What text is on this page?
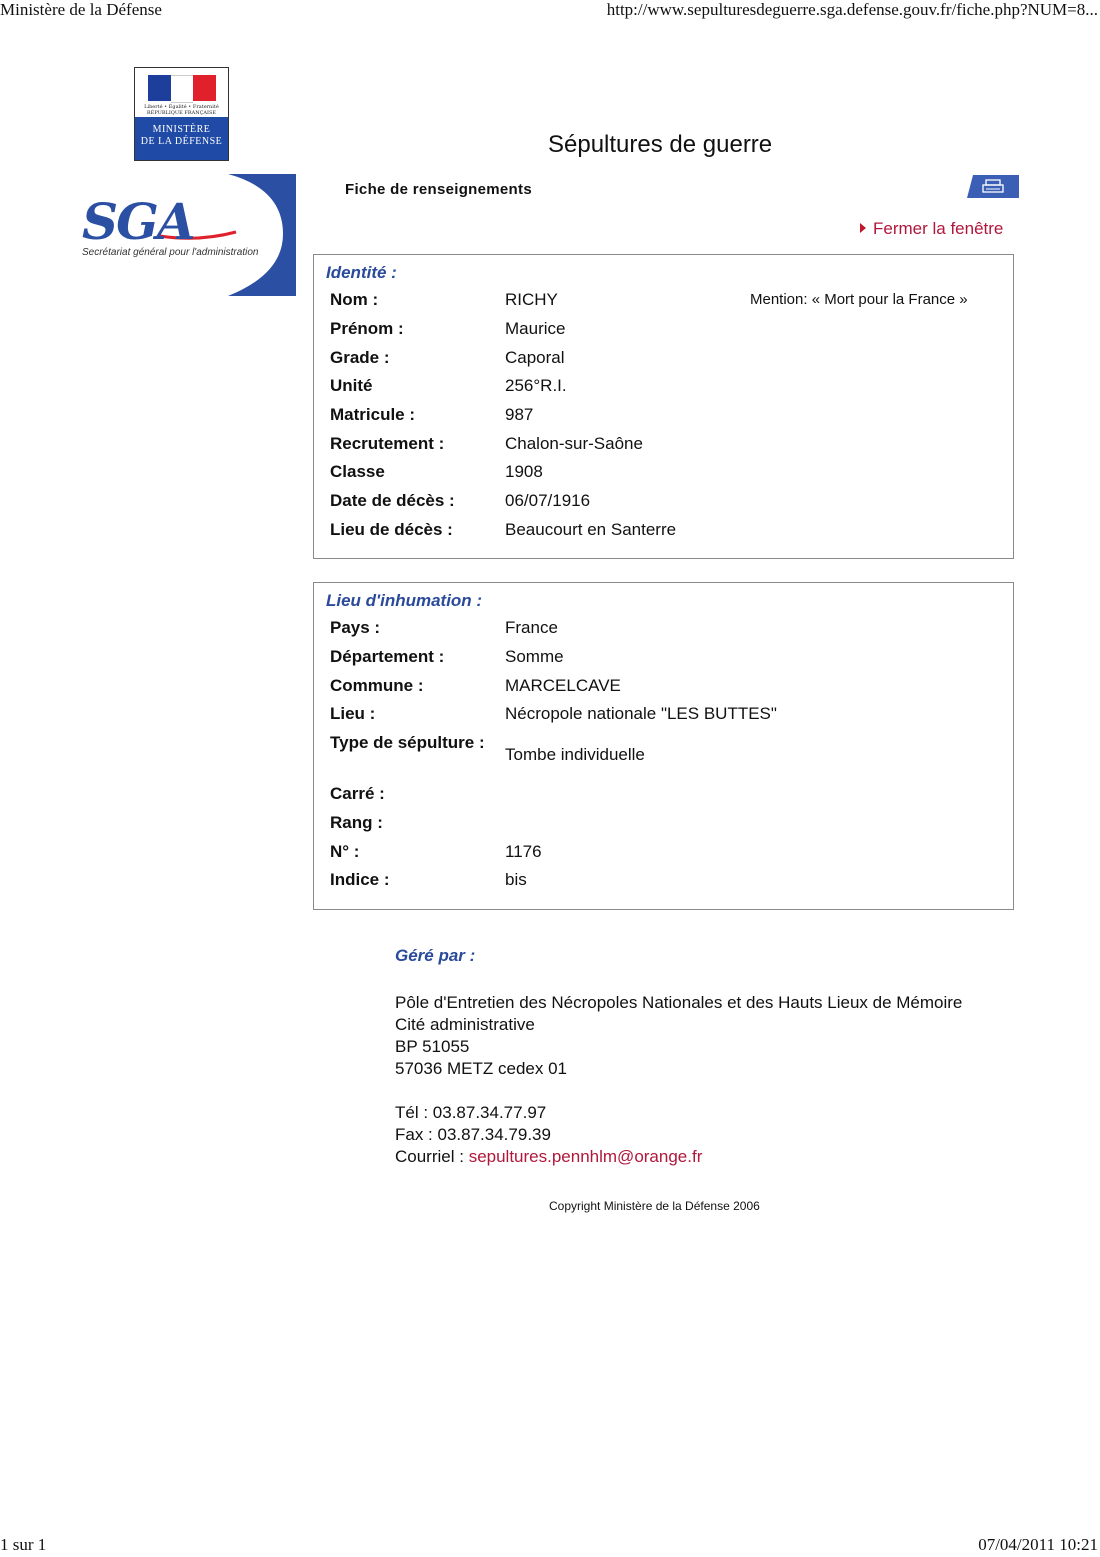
Ministère de la Défense	http://www.sepulturesdeguerre.sga.defense.gouv.fr/fiche.php?NUM=8...
Liberté • Égalité • Fraternité
RÉPUBLIQUE FRANÇAISE
MINISTÈRE
DE LA DÉFENSE
SGA
Secrétariat général pour l'administration
Sépultures de guerre
Fiche de renseignements
Fermer la fenêtre
Identité :
Nom :	RICHY	Mention: « Mort pour la France »
Prénom :	Maurice
Grade :	Caporal
Unité	256°R.I.
Matricule :	987
Recrutement :	Chalon-sur-Saône
Classe	1908
Date de décès :	06/07/1916
Lieu de décès :	Beaucourt en Santerre
Lieu d'inhumation :
Pays :	France
Département :	Somme
Commune :	MARCELCAVE
Lieu :	Nécropole nationale "LES BUTTES"
Type de sépulture :
Tombe individuelle
Carré :
Rang :
N° :	1176
Indice :	bis
Géré par :
Pôle d'Entretien des Nécropoles Nationales et des Hauts Lieux de Mémoire
Cité administrative
BP 51055
57036 METZ cedex 01
Tél : 03.87.34.77.97
Fax : 03.87.34.79.39
Courriel : sepultures.pennhlm@orange.fr
Copyright Ministère de la Défense 2006
1 sur 1	07/04/2011 10:21
